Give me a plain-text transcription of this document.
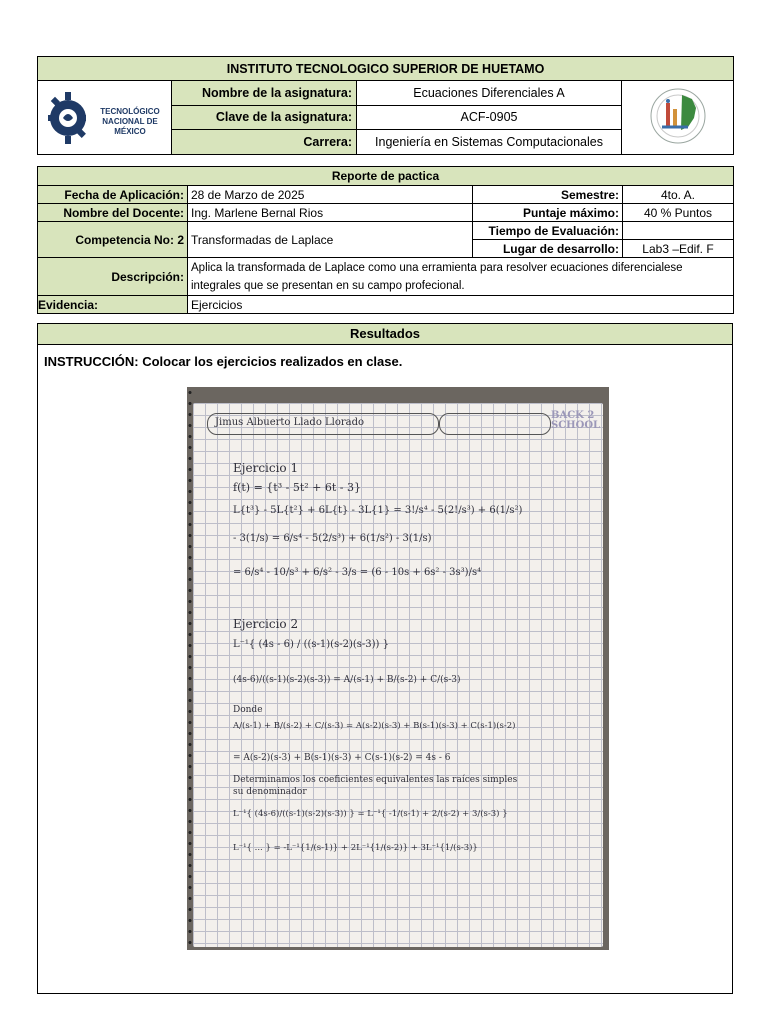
INSTITUTO TECNOLOGICO SUPERIOR DE HUETAMO			

TECNOLÓGICO
NACIONAL DE MÉXICO	Nombre de la asignatura:	Ecuaciones Diferenciales A	
	Clave de la asignatura:	ACF-0905	
	Carrera:	Ingeniería en Sistemas Computacionales	
Reporte de pactica			
Fecha de Aplicación:	28 de Marzo de 2025	Semestre:	4to. A.
Nombre del Docente:	Ing. Marlene Bernal Rios	Puntaje máximo:	40 % Puntos
Competencia No: 2	Transformadas de Laplace	Tiempo de Evaluación:	
		Lugar de desarrollo:	Lab3 –Edif. F
Descripción:	Aplica la transformada de Laplace como una erramienta para resolver ecuaciones diferencialese
integrales que se presentan en su campo profecional.		

Evidencia:	Ejercicios		
Resultados
INSTRUCCIÓN: Colocar los ejercicios realizados en clase.
Jimus Albuerto Llado Llorado
BACK 2 SCHOOL
Ejercicio 1
f(t) = {t³ - 5t² + 6t - 3}
L{t³} - 5L{t²} + 6L{t} - 3L{1} = 3!/s⁴ - 5(2!/s³) + 6(1/s²)
- 3(1/s) = 6/s⁴ - 5(2/s³) + 6(1/s²) - 3(1/s)
= 6/s⁴ - 10/s³ + 6/s² - 3/s = (6 - 10s + 6s² - 3s³)/s⁴
Ejercicio 2
L⁻¹{ (4s - 6) / ((s-1)(s-2)(s-3)) }
(4s-6)/((s-1)(s-2)(s-3)) = A/(s-1) + B/(s-2) + C/(s-3)
Donde
A/(s-1) + B/(s-2) + C/(s-3) = A(s-2)(s-3) + B(s-1)(s-3) + C(s-1)(s-2)
= A(s-2)(s-3) + B(s-1)(s-3) + C(s-1)(s-2) = 4s - 6
Determinamos los coeficientes equivalentes las raíces simples
su denominador
L⁻¹{ (4s-6)/((s-1)(s-2)(s-3)) } = L⁻¹{ -1/(s-1) + 2/(s-2) + 3/(s-3) }
L⁻¹{ ... } = -L⁻¹{1/(s-1)} + 2L⁻¹{1/(s-2)} + 3L⁻¹{1/(s-3)}
